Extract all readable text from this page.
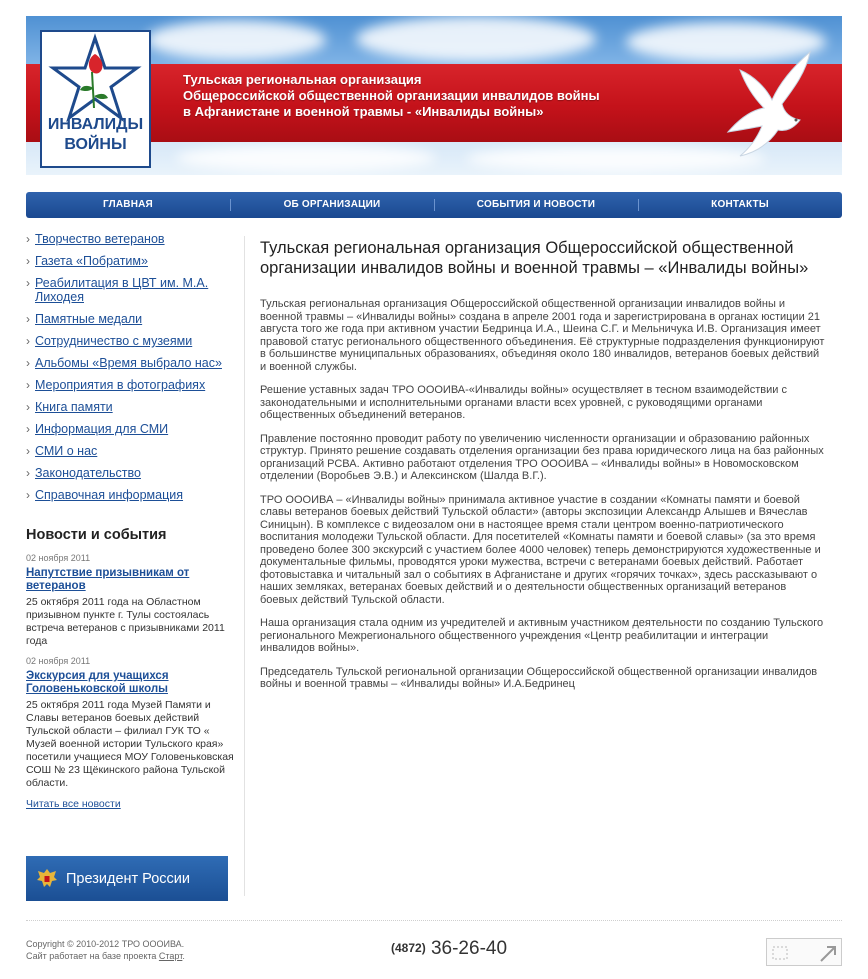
Тульская региональная организация
Общероссийской общественной организации инвалидов войны
в Афганистане и военной травмы - «Инвалиды войны»
ИНВАЛИДЫ
ВОЙНЫ
ГЛАВНАЯ	ОБ ОРГАНИЗАЦИИ	СОБЫТИЯ И НОВОСТИ	КОНТАКТЫ
› Творчество ветеранов
› Газета «Побратим»
› Реабилитация в ЦВТ им. М.А. Лиходея
› Памятные медали
› Сотрудничество с музеями
› Альбомы «Время выбрало нас»
› Мероприятия в фотографиях
› Книга памяти
› Информация для СМИ
› СМИ о нас
› Законодательство
› Справочная информация
Новости и события
02 ноября 2011
Напутствие призывникам от ветеранов
25 октября 2011 года на Областном призывном пункте г. Тулы состоялась встреча ветеранов с призывниками 2011 года
02 ноября 2011
Экскурсия для учащихся Головеньковской школы
25 октября 2011 года Музей Памяти и Славы ветеранов боевых действий Тульской области – филиал ГУК ТО « Музей военной истории Тульского края» посетили учащиеся МОУ Головеньковская СОШ № 23 Щёкинского района Тульской области.
Читать все новости
Президент России
Тульская региональная организация Общероссийской общественной организации инвалидов войны и военной травмы – «Инвалиды войны»

Тульская региональная организация Общероссийской общественной организации инвалидов войны и военной травмы – «Инвалиды войны» создана в апреле 2001 года и зарегистрирована в органах юстиции 21 августа того же года при активном участии Бедринца И.А., Шеина С.Г. и Мельничука И.В. Организация имеет правовой статус регионального общественного объединения. Её структурные подразделения функционируют в большинстве муниципальных образованиях, объединяя около 180 инвалидов, ветеранов боевых действий и военной службы.

Решение уставных задач ТРО ОООИВА-«Инвалиды войны» осуществляет в тесном взаимодействии с законодательными и исполнительными органами власти всех уровней, с руководящими органами общественных объединений ветеранов.

Правление постоянно проводит работу по увеличению численности организации и образованию районных структур. Принято решение создавать отделения организации без права юридического лица на баз районных организаций РСВА. Активно работают отделения ТРО ОООИВА – «Инвалиды войны» в Новомосковском отделении (Воробьев Э.В.) и Алексинском (Шалда В.Г.).

ТРО ОООИВА – «Инвалиды войны» принимала активное участие в создании «Комнаты памяти и боевой славы ветеранов боевых действий Тульской области» (авторы экспозиции Александр Алышев и Вячеслав Синицын). В комплексе с видеозалом они в настоящее время стали центром военно-патриотического воспитания молодежи Тульской области. Для посетителей «Комнаты памяти и боевой славы» (за это время проведено более 300 экскурсий с участием более 4000 человек) теперь демонстрируются художественные и документальные фильмы, проводятся уроки мужества, встречи с ветеранами боевых действий. Работает фотовыставка и читальный зал о событиях в Афганистане и других «горячих точках», здесь рассказывают о наших землякаx, ветеранах боевых действий и о деятельности общественных организаций ветеранов боевых действий Тульской области.

Наша организация стала одним из учредителей и активным участником деятельности по созданию Тульского регионального Межрегионального общественного учреждения «Центр реабилитации и интеграции инвалидов войны».

Председатель Тульской региональной организации Общероссийской общественной организации инвалидов войны и военной травмы – «Инвалиды войны» И.А.Бедринец

Copyright © 2010-2012 ТРО ОООИВА.
Сайт работает на базе проекта Старт.
(4872) 36-26-40
